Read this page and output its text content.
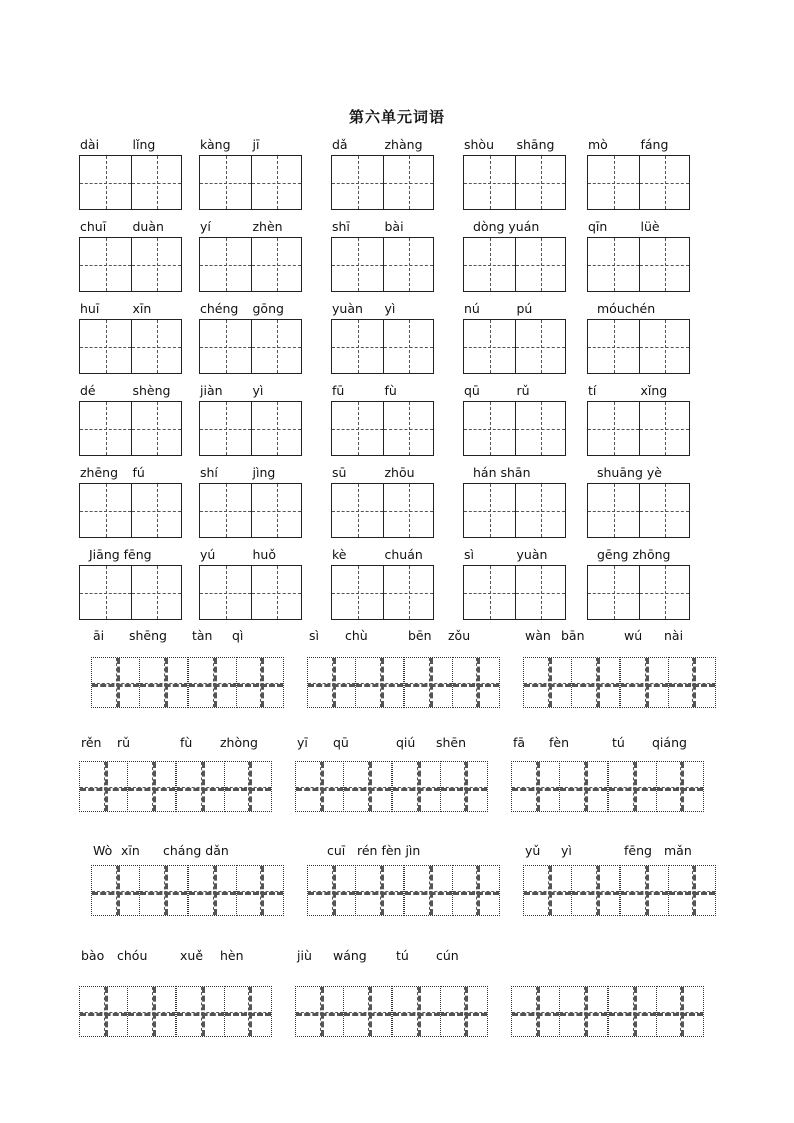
第六单元词语
dài	lǐng	kàng jī	dǎ	zhàng	shòu shāng	mò	fáng
chuī duàn	yí	zhèn	shī	bài	dòng yuán	qīn	lüè
huī	xīn	chéng gōng	yuàn yì	nú	pú	móuchén
dé	shèng jiàn yì	fū	fù	qū	rǔ	tí	xǐng
zhēng fú	shí	jìng	sū	zhōu	hán shān	shuāng yè
Jiāng fēng	yú	huǒ	kè	chuán	sì	yuàn	gēng zhōng
āi shēng tàn qì	sì chù	bēn zǒu	wàn bān	wú nài
rěn rǔ	fù zhòng	yī qū	qiú shēn	fā fèn	tú qiáng
Wò xīn cháng dǎn	cuī rén fèn jìn	yǔ yì	fēng mǎn
bào chóu	xuě hèn	jiù wáng tú cún
